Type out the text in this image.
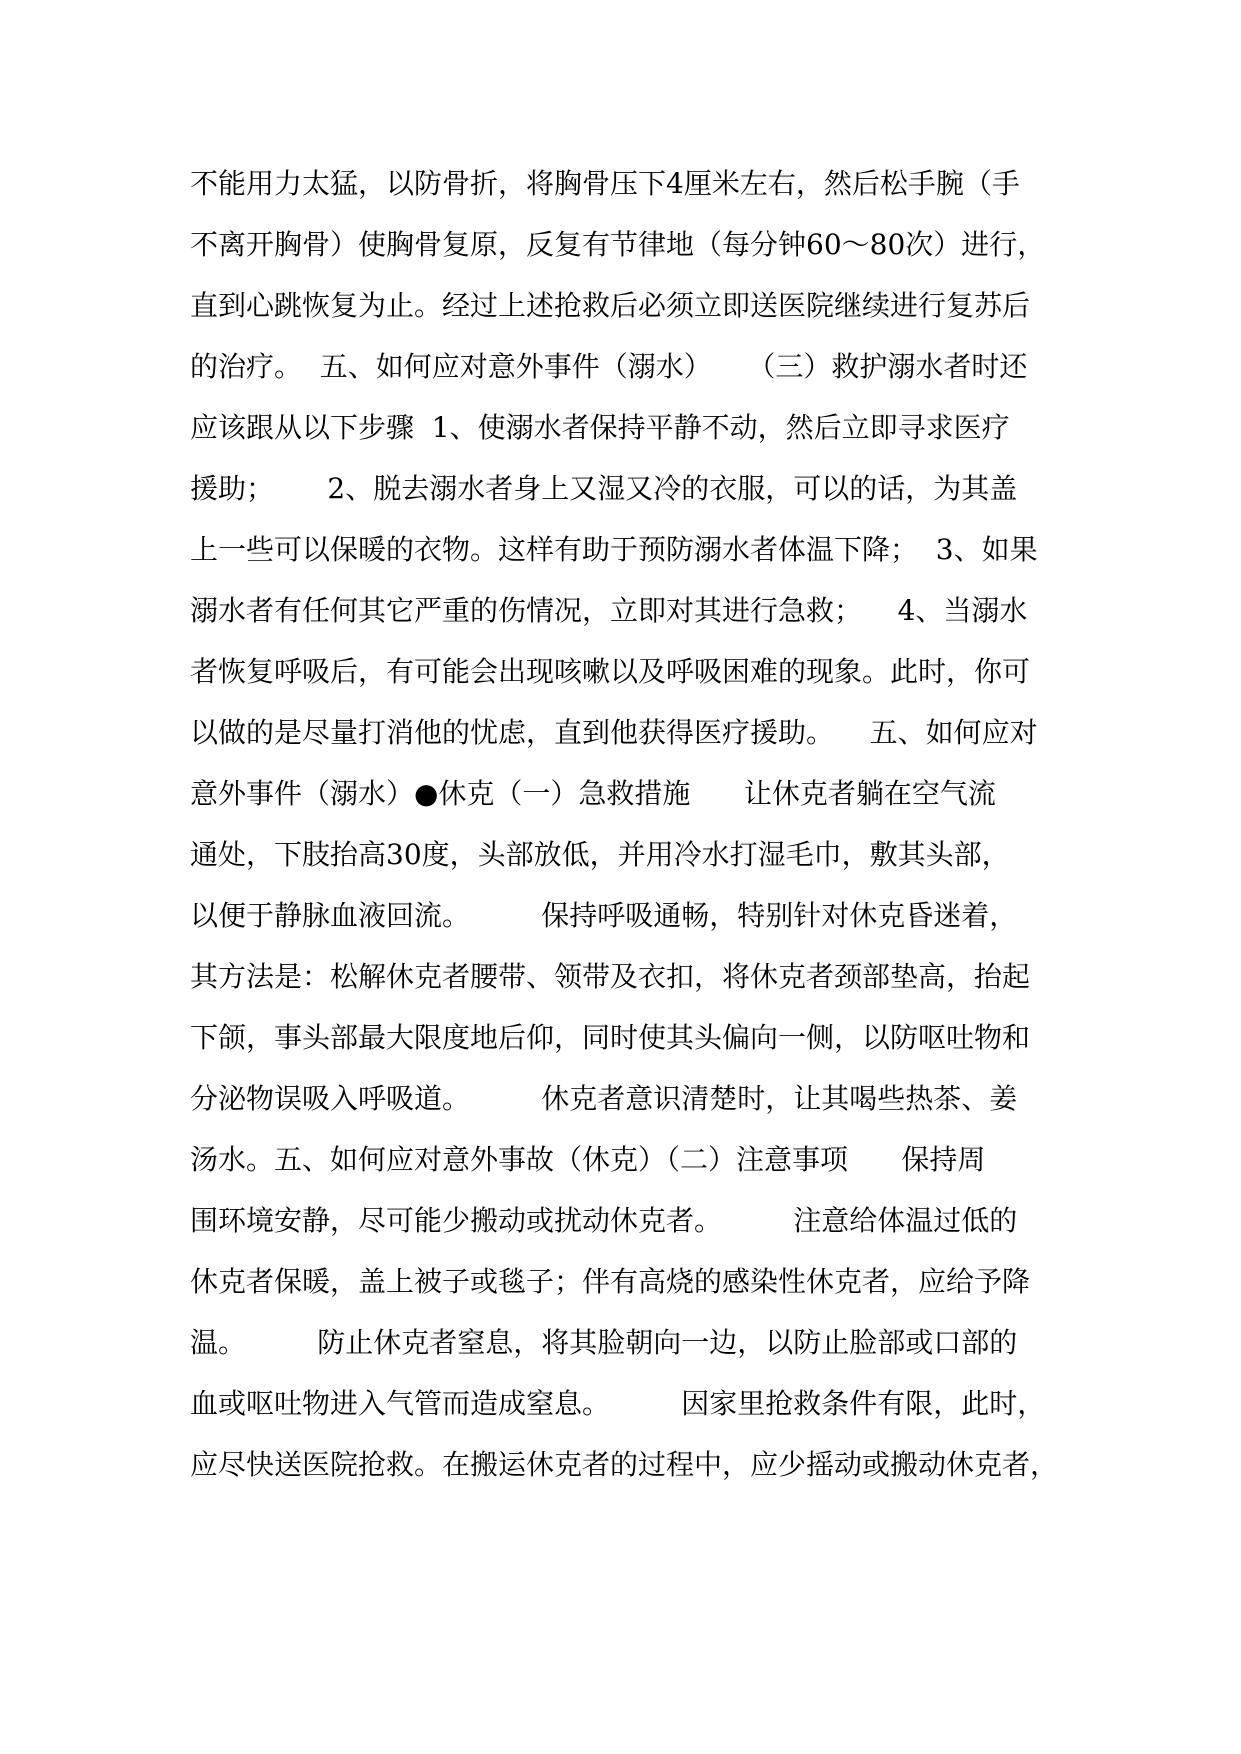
不能用力太猛，以防骨折，将胸骨压下4厘米左右，然后松手腕（手
不离开胸骨）使胸骨复原，反复有节律地（每分钟60～80次）进行，
直到心跳恢复为止。经过上述抢救后必须立即送医院继续进行复苏后
的治疗。  五、如何应对意外事件（溺水）    （三）救护溺水者时还
应该跟从以下步骤  1、使溺水者保持平静不动，然后立即寻求医疗
援助；      2、脱去溺水者身上又湿又冷的衣服，可以的话，为其盖
上一些可以保暖的衣物。这样有助于预防溺水者体温下降；  3、如果
溺水者有任何其它严重的伤情况，立即对其进行急救；    4、当溺水
者恢复呼吸后，有可能会出现咳嗽以及呼吸困难的现象。此时，你可
以做的是尽量打消他的忧虑，直到他获得医疗援助。    五、如何应对
意外事件（溺水）●休克（一）急救措施      让休克者躺在空气流
通处，下肢抬高30度，头部放低，并用冷水打湿毛巾，敷其头部，
以便于静脉血液回流。        保持呼吸通畅，特别针对休克昏迷着，
其方法是：松解休克者腰带、领带及衣扣，将休克者颈部垫高，抬起
下颌，事头部最大限度地后仰，同时使其头偏向一侧，以防呕吐物和
分泌物误吸入呼吸道。        休克者意识清楚时，让其喝些热茶、姜
汤水。五、如何应对意外事故（休克）（二）注意事项      保持周
围环境安静，尽可能少搬动或扰动休克者。        注意给体温过低的
休克者保暖，盖上被子或毯子；伴有高烧的感染性休克者，应给予降
温。        防止休克者窒息，将其脸朝向一边，以防止脸部或口部的
血或呕吐物进入气管而造成窒息。        因家里抢救条件有限，此时，
应尽快送医院抢救。在搬运休克者的过程中，应少摇动或搬动休克者，
